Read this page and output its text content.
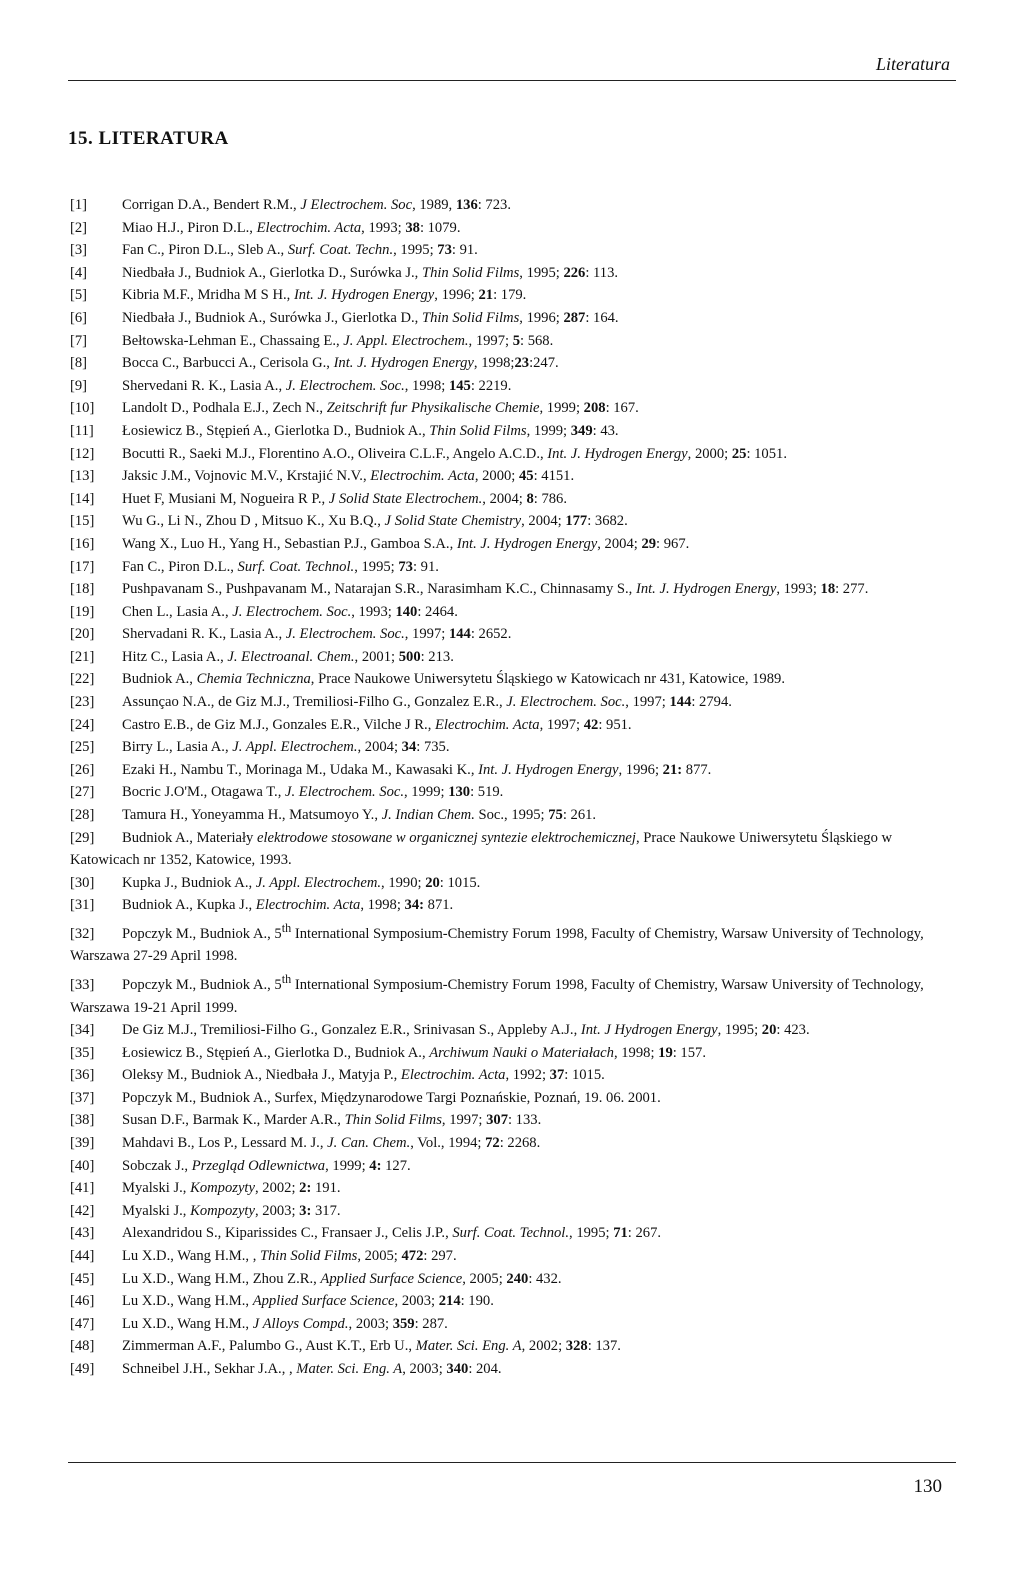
Literatura
15. LITERATURA
[1] Corrigan D.A., Bendert R.M., J Electrochem. Soc, 1989, 136: 723.
[2] Miao H.J., Piron D.L., Electrochim. Acta, 1993; 38: 1079.
[3] Fan C., Piron D.L., Sleb A., Surf. Coat. Techn., 1995; 73: 91.
[4] Niedbała J., Budniok A., Gierlotka D., Surówka J., Thin Solid Films, 1995; 226: 113.
[5] Kibria M.F., Mridha M S H., Int. J. Hydrogen Energy, 1996; 21: 179.
[6] Niedbała J., Budniok A., Surówka J., Gierlotka D., Thin Solid Films, 1996; 287: 164.
[7] Bełtowska-Lehman E., Chassaing E., J. Appl. Electrochem., 1997; 5: 568.
[8] Bocca C., Barbucci A., Cerisola G., Int. J. Hydrogen Energy, 1998;23:247.
[9] Shervedani R. K., Lasia A., J. Electrochem. Soc., 1998; 145: 2219.
[10] Landolt D., Podhala E.J., Zech N., Zeitschrift fur Physikalische Chemie, 1999; 208: 167.
[11] Łosiewicz B., Stępień A., Gierlotka D., Budniok A., Thin Solid Films, 1999; 349: 43.
[12] Bocutti R., Saeki M.J., Florentino A.O., Oliveira C.L.F., Angelo A.C.D., Int. J. Hydrogen Energy, 2000; 25: 1051.
[13] Jaksic J.M., Vojnovic M.V., Krstajić N.V., Electrochim. Acta, 2000; 45: 4151.
[14] Huet F, Musiani M, Nogueira R P., J Solid State Electrochem., 2004; 8: 786.
[15] Wu G., Li N., Zhou D , Mitsuo K., Xu B.Q., J Solid State Chemistry, 2004; 177: 3682.
[16] Wang X., Luo H., Yang H., Sebastian P.J., Gamboa S.A., Int. J. Hydrogen Energy, 2004; 29: 967.
[17] Fan C., Piron D.L., Surf. Coat. Technol., 1995; 73: 91.
[18] Pushpavanam S., Pushpavanam M., Natarajan S.R., Narasimham K.C., Chinnasamy S., Int. J. Hydrogen Energy, 1993; 18: 277.
[19] Chen L., Lasia A., J. Electrochem. Soc., 1993; 140: 2464.
[20] Shervadani R. K., Lasia A., J. Electrochem. Soc., 1997; 144: 2652.
[21] Hitz C., Lasia A., J. Electroanal. Chem., 2001; 500: 213.
[22] Budniok A., Chemia Techniczna, Prace Naukowe Uniwersytetu Śląskiego w Katowicach nr 431, Katowice, 1989.
[23] Assunçao N.A., de Giz M.J., Tremiliosi-Filho G., Gonzalez E.R., J. Electrochem. Soc., 1997; 144: 2794.
[24] Castro E.B., de Giz M.J., Gonzales E.R., Vilche J R., Electrochim. Acta, 1997; 42: 951.
[25] Birry L., Lasia A., J. Appl. Electrochem., 2004; 34: 735.
[26] Ezaki H., Nambu T., Morinaga M., Udaka M., Kawasaki K., Int. J. Hydrogen Energy, 1996; 21: 877.
[27] Bocric J.O'M., Otagawa T., J. Electrochem. Soc., 1999; 130: 519.
[28] Tamura H., Yoneyamma H., Matsumoyo Y., J. Indian Chem. Soc., 1995; 75: 261.
[29] Budniok A., Materiały elektrodowe stosowane w organicznej syntezie elektrochemicznej, Prace Naukowe Uniwersytetu Śląskiego w Katowicach nr 1352, Katowice, 1993.
[30] Kupka J., Budniok A., J. Appl. Electrochem., 1990; 20: 1015.
[31] Budniok A., Kupka J., Electrochim. Acta, 1998; 34: 871.
[32] Popczyk M., Budniok A., 5th International Symposium-Chemistry Forum 1998, Faculty of Chemistry, Warsaw University of Technology, Warszawa 27-29 April 1998.
[33] Popczyk M., Budniok A., 5th International Symposium-Chemistry Forum 1998, Faculty of Chemistry, Warsaw University of Technology, Warszawa 19-21 April 1999.
[34] De Giz M.J., Tremiliosi-Filho G., Gonzalez E.R., Srinivasan S., Appleby A.J., Int. J Hydrogen Energy, 1995; 20: 423.
[35] Łosiewicz B., Stępień A., Gierlotka D., Budniok A., Archiwum Nauki o Materiałach, 1998; 19: 157.
[36] Oleksy M., Budniok A., Niedbała J., Matyja P., Electrochim. Acta, 1992; 37: 1015.
[37] Popczyk M., Budniok A., Surfex, Międzynarodowe Targi Poznańskie, Poznań, 19. 06. 2001.
[38] Susan D.F., Barmak K., Marder A.R., Thin Solid Films, 1997; 307: 133.
[39] Mahdavi B., Los P., Lessard M. J., J. Can. Chem., Vol., 1994; 72: 2268.
[40] Sobczak J., Przegląd Odlewnictwa, 1999; 4: 127.
[41] Myalski J., Kompozyty, 2002; 2: 191.
[42] Myalski J., Kompozyty, 2003; 3: 317.
[43] Alexandridou S., Kiparissides C., Fransaer J., Celis J.P., Surf. Coat. Technol., 1995; 71: 267.
[44] Lu X.D., Wang H.M., , Thin Solid Films, 2005; 472: 297.
[45] Lu X.D., Wang H.M., Zhou Z.R., Applied Surface Science, 2005; 240: 432.
[46] Lu X.D., Wang H.M., Applied Surface Science, 2003; 214: 190.
[47] Lu X.D., Wang H.M., J Alloys Compd., 2003; 359: 287.
[48] Zimmerman A.F., Palumbo G., Aust K.T., Erb U., Mater. Sci. Eng. A, 2002; 328: 137.
[49] Schneibel J.H., Sekhar J.A., , Mater. Sci. Eng. A, 2003; 340: 204.
130
